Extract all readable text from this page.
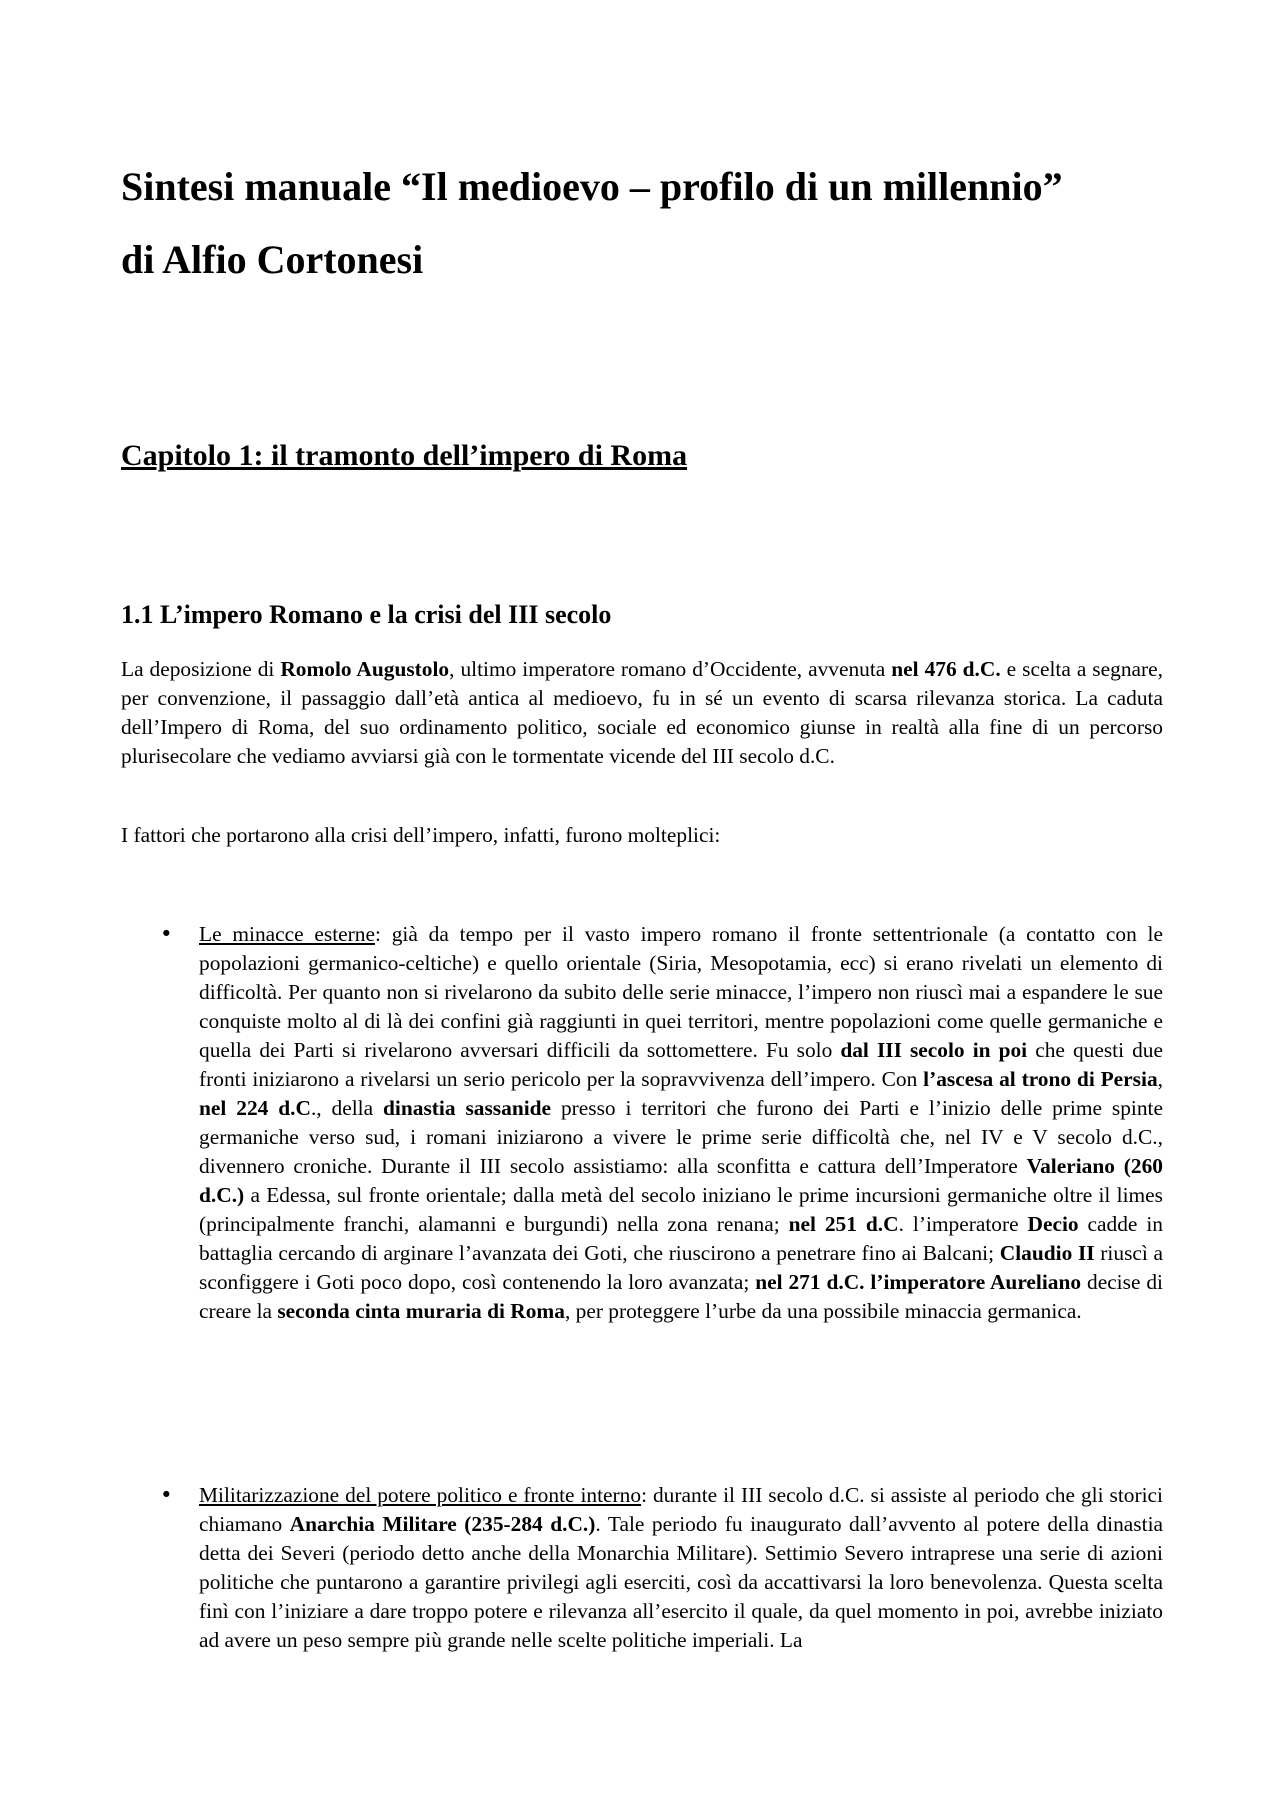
Sintesi manuale “Il medioevo – profilo di un millennio”
di Alfio Cortonesi
Capitolo 1: il tramonto dell’impero di Roma
1.1 L’impero Romano e la crisi del III secolo

La deposizione di Romolo Augustolo, ultimo imperatore romano d’Occidente, avvenuta nel 476 d.C. e scelta a segnare, per convenzione, il passaggio dall’età antica al medioevo, fu in sé un evento di scarsa rilevanza storica. La caduta dell’Impero di Roma, del suo ordinamento politico, sociale ed economico giunse in realtà alla fine di un percorso plurisecolare che vediamo avviarsi già con le tormentate vicende del III secolo d.C.

I fattori che portarono alla crisi dell’impero, infatti, furono molteplici:

• Le minacce esterne: già da tempo per il vasto impero romano il fronte settentrionale (a contatto con le popolazioni germanico-celtiche) e quello orientale (Siria, Mesopotamia, ecc) si erano rivelati un elemento di difficoltà. Per quanto non si rivelarono da subito delle serie minacce, l’impero non riuscì mai a espandere le sue conquiste molto al di là dei confini già raggiunti in quei territori, mentre popolazioni come quelle germaniche e quella dei Parti si rivelarono avversari difficili da sottomettere. Fu solo dal III secolo in poi che questi due fronti iniziarono a rivelarsi un serio pericolo per la sopravvivenza dell’impero. Con l’ascesa al trono di Persia, nel 224 d.C., della dinastia sassanide presso i territori che furono dei Parti e l’inizio delle prime spinte germaniche verso sud, i romani iniziarono a vivere le prime serie difficoltà che, nel IV e V secolo d.C., divennero croniche. Durante il III secolo assistiamo: alla sconfitta e cattura dell’Imperatore Valeriano (260 d.C.) a Edessa, sul fronte orientale; dalla metà del secolo iniziano le prime incursioni germaniche oltre il limes (principalmente franchi, alamanni e burgundi) nella zona renana; nel 251 d.C. l’imperatore Decio cadde in battaglia cercando di arginare l’avanzata dei Goti, che riuscirono a penetrare fino ai Balcani; Claudio II riuscì a sconfiggere i Goti poco dopo, così contenendo la loro avanzata; nel 271 d.C. l’imperatore Aureliano decise di creare la seconda cinta muraria di Roma, per proteggere l’urbe da una possibile minaccia germanica.

• Militarizzazione del potere politico e fronte interno: durante il III secolo d.C. si assiste al periodo che gli storici chiamano Anarchia Militare (235-284 d.C.). Tale periodo fu inaugurato dall’avvento al potere della dinastia detta dei Severi (periodo detto anche della Monarchia Militare). Settimio Severo intraprese una serie di azioni politiche che puntarono a garantire privilegi agli eserciti, così da accattivarsi la loro benevolenza. Questa scelta finì con l’iniziare a dare troppo potere e rilevanza all’esercito il quale, da quel momento in poi, avrebbe iniziato ad avere un peso sempre più grande nelle scelte politiche imperiali. La
